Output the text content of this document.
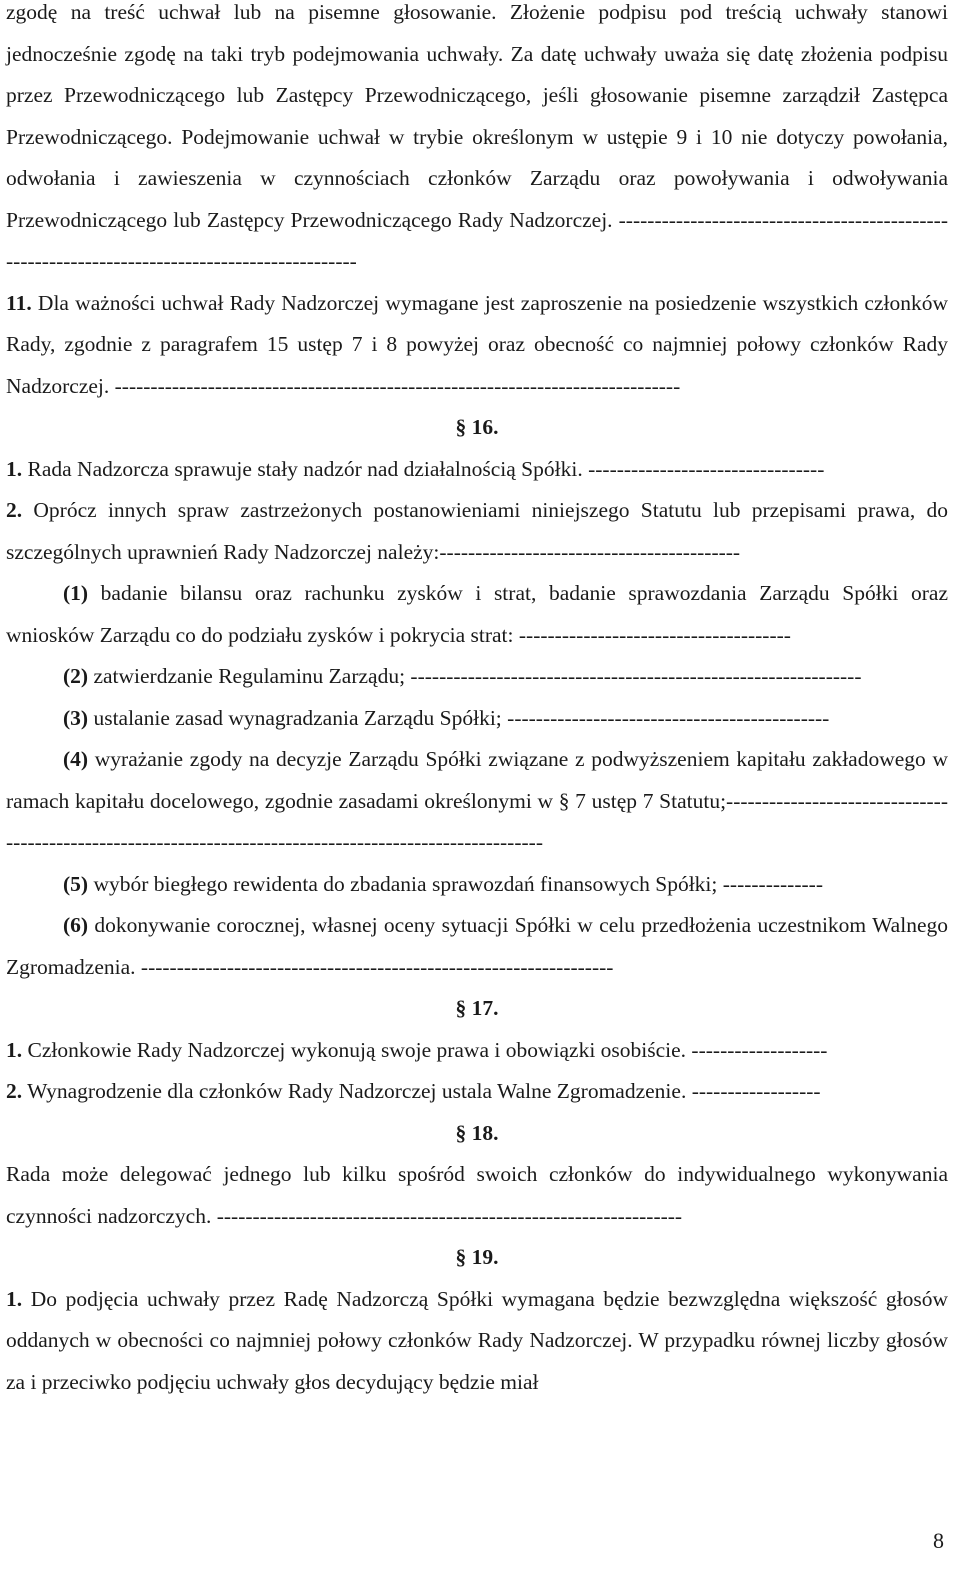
zgodę na treść uchwał lub na pisemne głosowanie. Złożenie podpisu pod treścią uchwały stanowi jednocześnie zgodę na taki tryb podejmowania uchwały. Za datę uchwały uważa się datę złożenia podpisu przez Przewodniczącego lub Zastępcy Przewodniczącego, jeśli głosowanie pisemne zarządził Zastępca Przewodniczącego. Podejmowanie uchwał w trybie określonym w ustępie 9 i 10 nie dotyczy powołania, odwołania i zawieszenia w czynnościach członków Zarządu oraz powoływania i odwoływania Przewodniczącego lub Zastępcy Przewodniczącego Rady Nadzorczej. -----------------------------------------------------------------------------------------------

11. Dla ważności uchwał Rady Nadzorczej wymagane jest zaproszenie na posiedzenie wszystkich członków Rady, zgodnie z paragrafem 15 ustęp 7 i 8 powyżej oraz obecność co najmniej połowy członków Rady Nadzorczej. -------------------------------------------------------------------------------

§ 16.

1. Rada Nadzorcza sprawuje stały nadzór nad działalnością Spółki. ---------------------------------

2. Oprócz innych spraw zastrzeżonych postanowieniami niniejszego Statutu lub przepisami prawa, do szczególnych uprawnień Rady Nadzorczej należy:------------------------------------------

(1) badanie bilansu oraz rachunku zysków i strat, badanie sprawozdania Zarządu Spółki oraz wniosków Zarządu co do podziału zysków i pokrycia strat: --------------------------------------

(2) zatwierdzanie Regulaminu Zarządu; ---------------------------------------------------------------

(3) ustalanie zasad wynagradzania Zarządu Spółki; ---------------------------------------------

(4) wyrażanie zgody na decyzje Zarządu Spółki związane z podwyższeniem kapitału zakładowego w ramach kapitału docelowego, zgodnie zasadami określonymi w § 7 ustęp 7 Statutu;----------------------------------------------------------------------------------------------------------

(5) wybór biegłego rewidenta do zbadania sprawozdań finansowych Spółki; --------------

(6) dokonywanie corocznej, własnej oceny sytuacji Spółki w celu przedłożenia uczestnikom Walnego Zgromadzenia. ------------------------------------------------------------------

§ 17.

1. Członkowie Rady Nadzorczej wykonują swoje prawa i obowiązki osobiście. -------------------

2. Wynagrodzenie dla członków Rady Nadzorczej ustala Walne Zgromadzenie. ------------------

§ 18.

Rada może delegować jednego lub kilku spośród swoich członków do indywidualnego wykonywania czynności nadzorczych. -----------------------------------------------------------------

§ 19.

1. Do podjęcia uchwały przez Radę Nadzorczą Spółki wymagana będzie bezwzględna większość głosów oddanych w obecności co najmniej połowy członków Rady Nadzorczej. W przypadku równej liczby głosów za i przeciwko podjęciu uchwały głos decydujący będzie miał

8
